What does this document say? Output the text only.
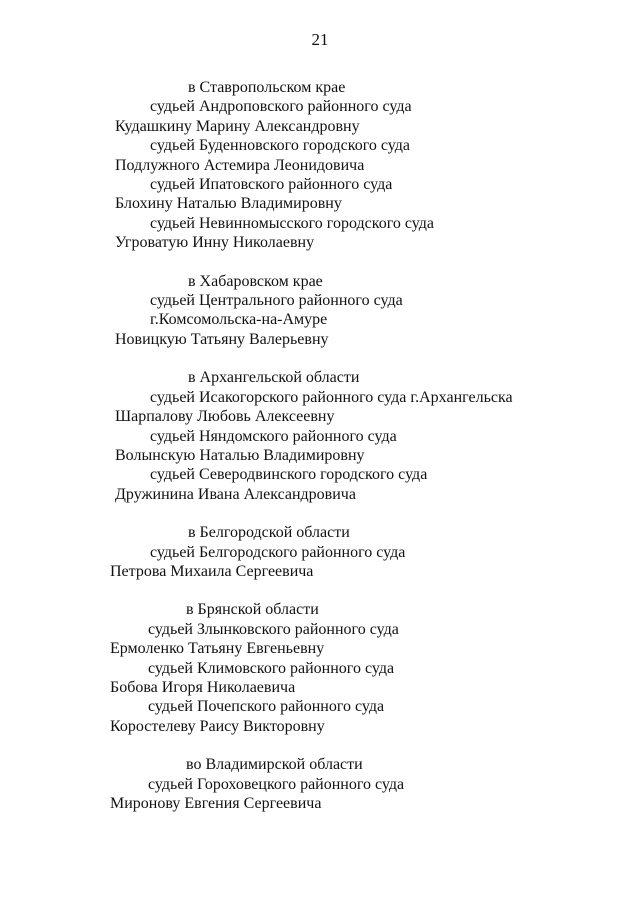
21
в Ставропольском крае
судьей Андроповского районного суда
Кудашкину Марину Александровну
судьей Буденновского городского суда
Подлужного Астемира Леонидовича
судьей Ипатовского районного суда
Блохину Наталью Владимировну
судьей Невинномысского городского суда
Угроватую Инну Николаевну
в Хабаровском крае
судьей Центрального районного суда
г.Комсомольска-на-Амуре
Новицкую Татьяну Валерьевну
в Архангельской области
судьей Исакогорского районного суда г.Архангельска
Шарпалову Любовь Алексеевну
судьей Няндомского районного суда
Волынскую Наталью Владимировну
судьей Северодвинского городского суда
Дружинина Ивана Александровича
в Белгородской области
судьей Белгородского районного суда
Петрова Михаила Сергеевича
в Брянской области
судьей Злынковского районного суда
Ермоленко Татьяну Евгеньевну
судьей Климовского районного суда
Бобова Игоря Николаевича
судьей Почепского районного суда
Коростелеву Раису Викторовну
во Владимирской области
судьей Гороховецкого районного суда
Миронову Евгения Сергеевича
